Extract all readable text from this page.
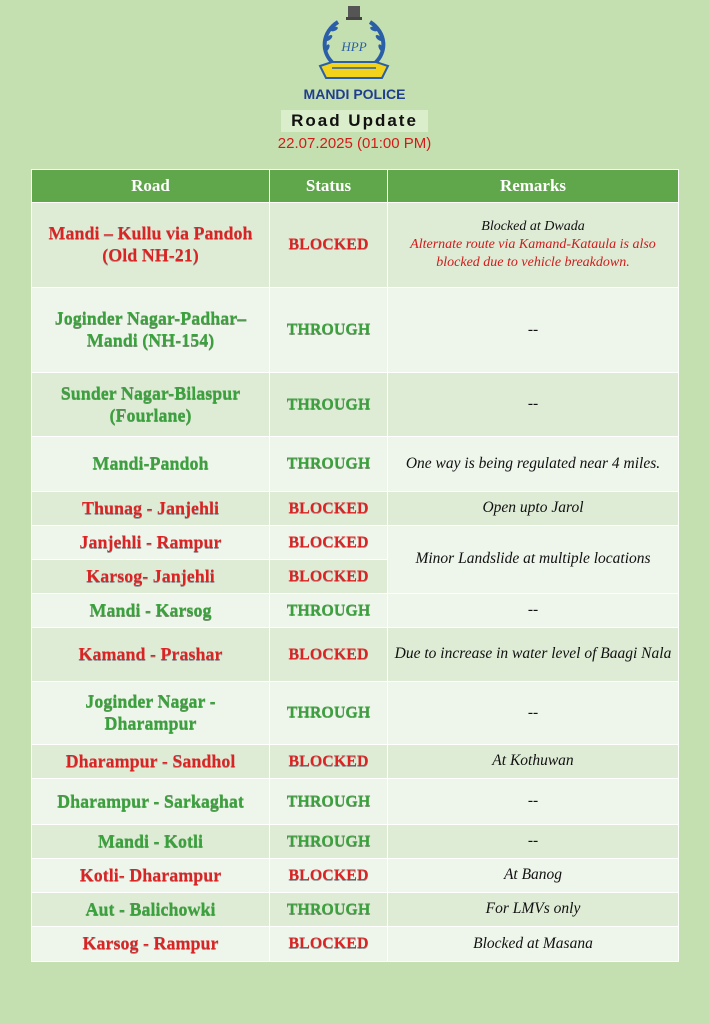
HPP
MANDI POLICE
Road Update
22.07.2025 (01:00 PM)
Road	Status	Remarks
Mandi – Kullu via Pandoh (Old NH-21)	BLOCKED	Blocked at Dwada
Alternate route via Kamand-Kataula is also blocked due to vehicle breakdown.

Joginder Nagar-Padhar–Mandi (NH-154)	THROUGH	--
Sunder Nagar-Bilaspur (Fourlane)	THROUGH	--
Mandi-Pandoh	THROUGH	One way is being regulated near 4 miles.
Thunag - Janjehli	BLOCKED	Open upto Jarol
Janjehli - Rampur	BLOCKED	Minor Landslide at multiple locations
Karsog- Janjehli	BLOCKED	
Mandi - Karsog	THROUGH	--
Kamand - Prashar	BLOCKED	Due to increase in water level of Baagi Nala
Joginder Nagar - Dharampur	THROUGH	--
Dharampur - Sandhol	BLOCKED	At Kothuwan
Dharampur - Sarkaghat	THROUGH	--
Mandi - Kotli	THROUGH	--
Kotli- Dharampur	BLOCKED	At Banog
Aut - Balichowki	THROUGH	For LMVs only
Karsog - Rampur	BLOCKED	Blocked at Masana
